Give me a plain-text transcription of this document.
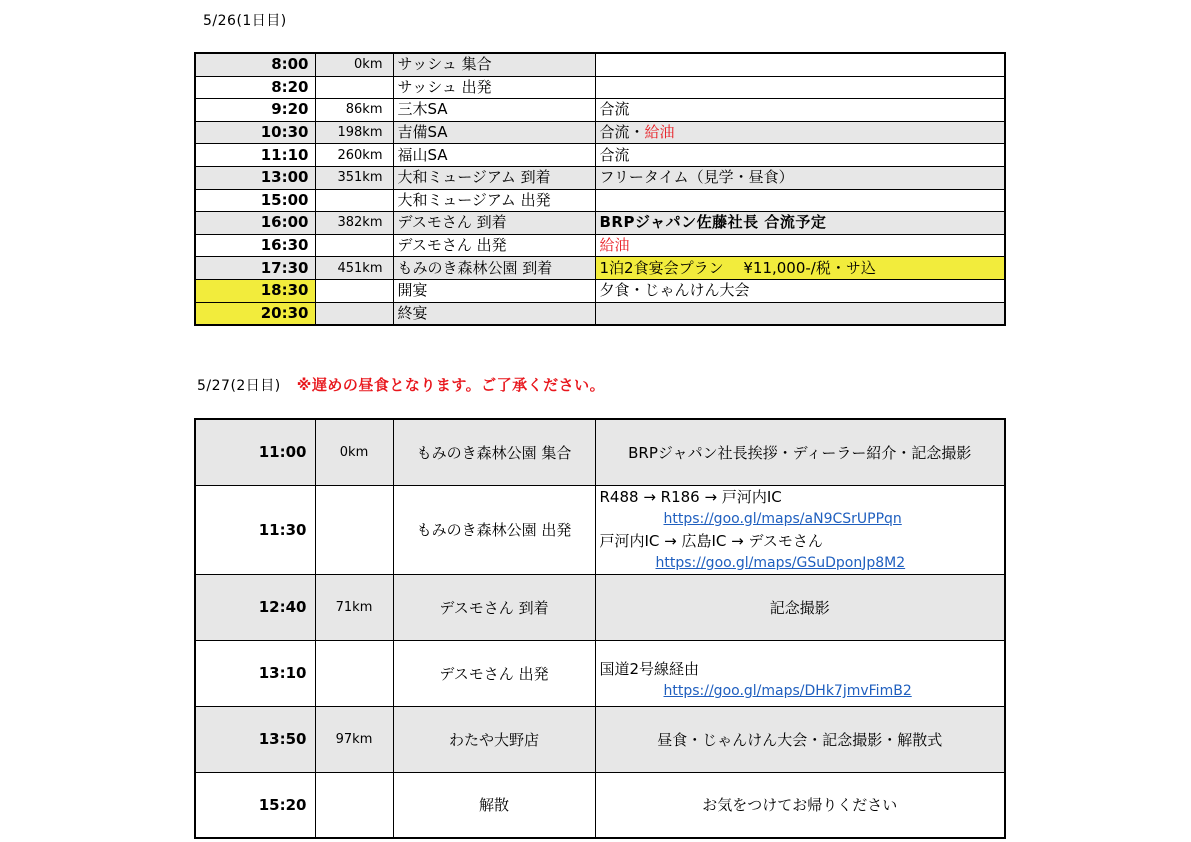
5/26(1日目)
8:00	0km	サッシュ 集合	
8:20		サッシュ 出発	
9:20	86km	三木SA	合流
10:30	198km	吉備SA	合流・給油
11:10	260km	福山SA	合流
13:00	351km	大和ミュージアム 到着	フリータイム（見学・昼食）
15:00		大和ミュージアム 出発	
16:00	382km	デスモさん 到着	BRPジャパン佐藤社長 合流予定
16:30		デスモさん 出発	給油
17:30	451km	もみのき森林公園 到着	1泊2食宴会プラン　 ¥11,000-/税・サ込
18:30		開宴	夕食・じゃんけん大会
20:30		終宴	
5/27(2日目) ※遅めの昼食となります。ご了承ください。
11:00	0km	もみのき森林公園 集合	BRPジャパン社長挨拶・ディーラー紹介・記念撮影
11:30		もみのき森林公園 出発	R488 → R186 → 戸河内IC
https://goo.gl/maps/aN9CSrUPPqn
戸河内IC → 広島IC → デスモさん
https://goo.gl/maps/GSuDponJp8M2

12:40	71km	デスモさん 到着	記念撮影
13:10		デスモさん 出発	国道2号線経由
https://goo.gl/maps/DHk7jmvFimB2

13:50	97km	わたや大野店	昼食・じゃんけん大会・記念撮影・解散式
15:20		解散	お気をつけてお帰りください
